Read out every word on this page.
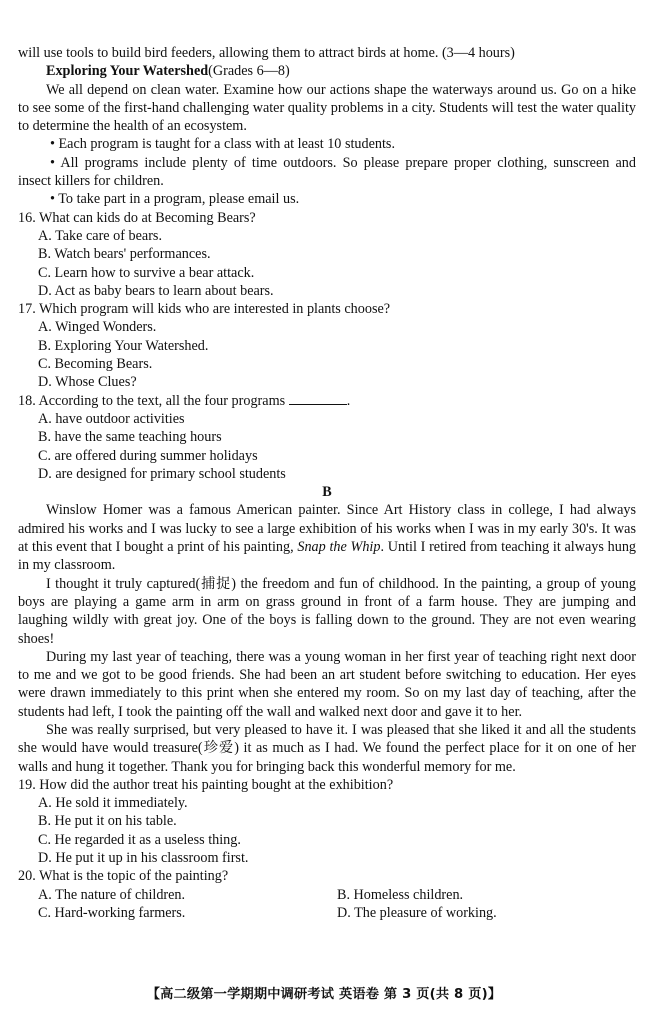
will use tools to build bird feeders, allowing them to attract birds at home. (3—4 hours)

Exploring Your Watershed(Grades 6—8)

We all depend on clean water. Examine how our actions shape the waterways around us. Go on a hike to see some of the first-hand challenging water quality problems in a city. Students will test the water quality to determine the health of an ecosystem.

• Each program is taught for a class with at least 10 students.

• All programs include plenty of time outdoors. So please prepare proper clothing, sunscreen and insect killers for children.

• To take part in a program, please email us.

16. What can kids do at Becoming Bears?

A. Take care of bears.

B. Watch bears' performances.

C. Learn how to survive a bear attack.

D. Act as baby bears to learn about bears.

17. Which program will kids who are interested in plants choose?

A. Winged Wonders.

B. Exploring Your Watershed.

C. Becoming Bears.

D. Whose Clues?

18. According to the text, all the four programs	.

A. have outdoor activities

B. have the same teaching hours

C. are offered during summer holidays

D. are designed for primary school students

B

Winslow Homer was a famous American painter. Since Art History class in college, I had always admired his works and I was lucky to see a large exhibition of his works when I was in my early 30's. It was at this event that I bought a print of his painting, Snap the Whip. Until I retired from teaching it always hung in my classroom.

I thought it truly captured(捕捉) the freedom and fun of childhood. In the painting, a group of young boys are playing a game arm in arm on grass ground in front of a farm house. They are jumping and laughing wildly with great joy. One of the boys is falling down to the ground. They are not even wearing shoes!

During my last year of teaching, there was a young woman in her first year of teaching right next door to me and we got to be good friends. She had been an art student before switching to education. Her eyes were drawn immediately to this print when she entered my room. So on my last day of teaching, after the students had left, I took the painting off the wall and walked next door and gave it to her.

She was really surprised, but very pleased to have it. I was pleased that she liked it and all the students she would have would treasure(珍爱) it as much as I had. We found the perfect place for it on one of her walls and hung it together. Thank you for bringing back this wonderful memory for me.

19. How did the author treat his painting bought at the exhibition?

A. He sold it immediately.

B. He put it on his table.

C. He regarded it as a useless thing.

D. He put it up in his classroom first.

20. What is the topic of the painting?

A. The nature of children.	B. Homeless children.
C. Hard-working farmers.	D. The pleasure of working.
【高二级第一学期期中调研考试 英语卷 第 3 页(共 8 页)】
